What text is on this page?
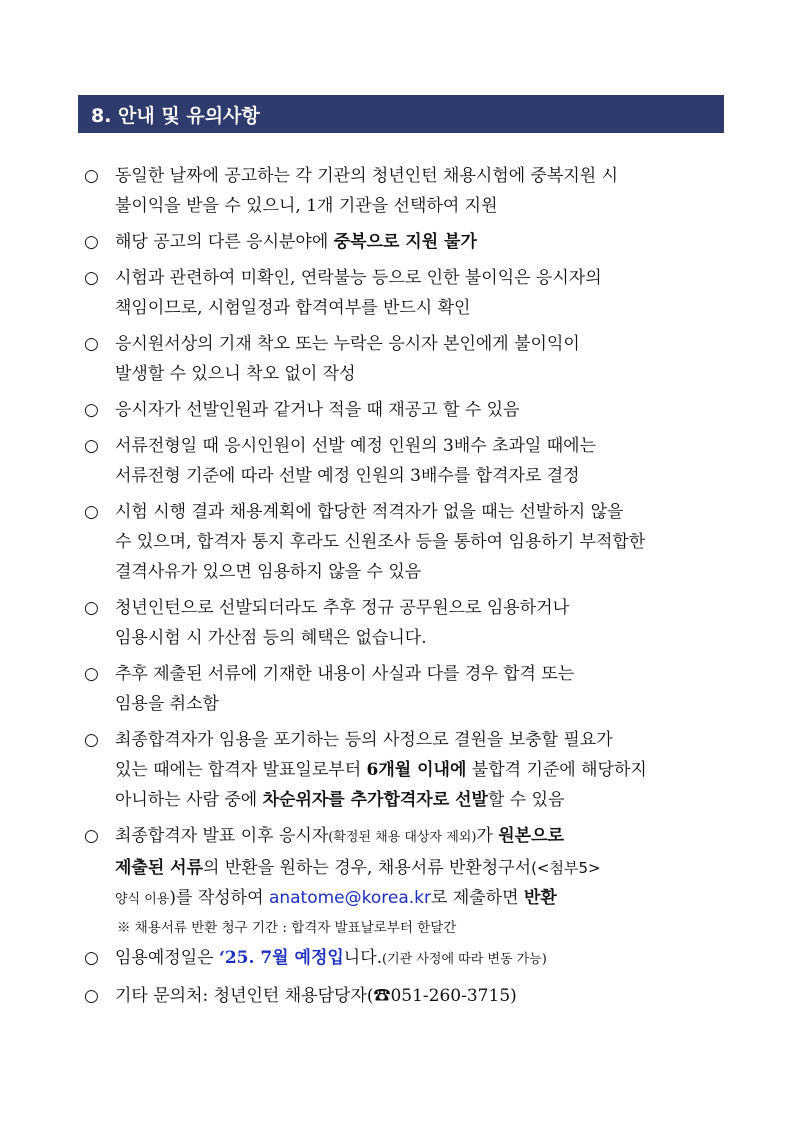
8. 안내 및 유의사항
○ 동일한 날짜에 공고하는 각 기관의 청년인턴 채용시험에 중복지원 시
불이익을 받을 수 있으니, 1개 기관을 선택하여 지원
○ 해당 공고의 다른 응시분야에 중복으로 지원 불가
○ 시험과 관련하여 미확인, 연락불능 등으로 인한 불이익은 응시자의
책임이므로, 시험일정과 합격여부를 반드시 확인
○ 응시원서상의 기재 착오 또는 누락은 응시자 본인에게 불이익이
발생할 수 있으니 착오 없이 작성
○ 응시자가 선발인원과 같거나 적을 때 재공고 할 수 있음
○ 서류전형일 때 응시인원이 선발 예정 인원의 3배수 초과일 때에는
서류전형 기준에 따라 선발 예정 인원의 3배수를 합격자로 결정
○ 시험 시행 결과 채용계획에 합당한 적격자가 없을 때는 선발하지 않을
수 있으며, 합격자 통지 후라도 신원조사 등을 통하여 임용하기 부적합한
결격사유가 있으면 임용하지 않을 수 있음
○ 청년인턴으로 선발되더라도 추후 정규 공무원으로 임용하거나
임용시험 시 가산점 등의 혜택은 없습니다.
○ 추후 제출된 서류에 기재한 내용이 사실과 다를 경우 합격 또는
임용을 취소함
○ 최종합격자가 임용을 포기하는 등의 사정으로 결원을 보충할 필요가
있는 때에는 합격자 발표일로부터 6개월 이내에 불합격 기준에 해당하지
아니하는 사람 중에 차순위자를 추가합격자로 선발할 수 있음
○ 최종합격자 발표 이후 응시자(확정된 채용 대상자 제외)가 원본으로
제출된 서류의 반환을 원하는 경우, 채용서류 반환청구서(<첨부5>
양식 이용)를 작성하여 anatome@korea.kr로 제출하면 반환
※ 채용서류 반환 청구 기간 : 합격자 발표날로부터 한달간
○ 임용예정일은 ‘25. 7월 예정입니다.(기관 사정에 따라 변동 가능)
○ 기타 문의처: 청년인턴 채용담당자(☎051-260-3715)
